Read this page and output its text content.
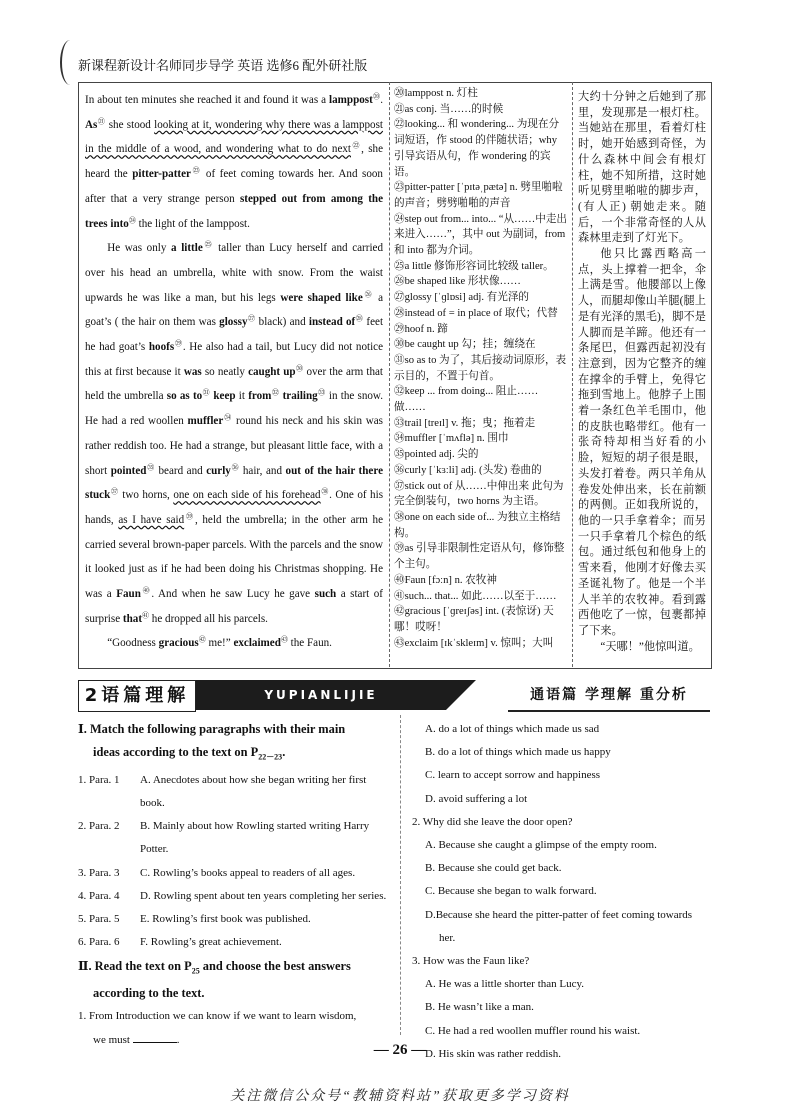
新课程新设计名师同步导学 英语 选修6 配外研社版

In about ten minutes she reached it and found it was a lamppost⑳. $As^㉑$ she stood looking at it, wondering why there was a lamppost in the middle of a wood, and wondering what to do next$^㉒$, she heard the pitter-patter$^㉓$ of feet coming towards her. And soon after that a very strange person stepped out from among the trees into$^㉔$ the light of the lamppost.

He was only a little$^㉕$ taller than Lucy herself and carried over his head an umbrella, white with snow. From the waist upwards he was like a man, but his legs were shaped like$^㉖$ a goat’s ( the hair on them was glossy$^㉗$ black) and instead $of^㉘$ feet he had goat’s hoofs$^㉙$. He also had a tail, but Lucy did not notice this at first because it was so neatly caught $up^㉚$ over the arm that held the umbrella so as $to^㉛$ keep it from$^㉜$ trailing$^㉝$ in the snow. He had a red woollen muffler$^㉞$ round his neck and his skin was rather reddish too. He had a strange, but pleasant little face, with a short pointed$^㉟$ beard and curly$^㊱$ hair, and out of the hair there stuck$^㊲$ two horns, one on each side of his forehead$^㊳$. One of his hands, as I have said$^㊴$, held the umbrella; in the other arm he carried several brown-paper parcels. With the parcels and the snow it looked just as if he had been doing his Christmas shopping. He was a Faun$^㊵$. And when he saw Lucy he gave such a start of surprise that$^㊶$ he dropped all his parcels.

“Goodness gracious$^㊷$ me!” exclaimed$^㊸$ the Faun.

⑳lamppost n. 灯柱
㉑as conj. 当……的时候
㉒looking... 和 wondering... 为现在分词短语，作 stood 的伴随状语；why 引导宾语从句，作 wondering 的宾语。
㉓pitter-patter [ˈpɪtəˌpætə] n. 劈里啪啦的声音；劈劈啪啪的声音
㉔step out from... into... “从……中走出来进入……”，其中 out 为副词，from 和 into 都为介词。
㉕a little 修饰形容词比较级 taller。
㉖be shaped like 形状像……
㉗glossy [ˈɡlɒsi] adj. 有光泽的
㉘instead of = in place of 取代；代替
㉙hoof n. 蹄
㉚be caught up 勾；挂；缠绕在
㉛so as to 为了，其后接动词原形，表示目的，不置于句首。
㉜keep ... from doing... 阻止……做……
㉝trail [treɪl] v. 拖；曳；拖着走
㉞muffler [ˈmʌflə] n. 围巾
㉟pointed adj. 尖的
㊱curly [ˈkɜːli] adj. (头发) 卷曲的
㊲stick out of 从……中伸出来 此句为完全倒装句，two horns 为主语。
㊳one on each side of... 为独立主格结构。
㊴as 引导非限制性定语从句，修饰整个主句。
㊵Faun [fɔːn] n. 农牧神
㊶such... that... 如此……以至于……
㊷gracious [ˈɡreɪʃəs] int. (表惊讶) 天哪！哎呀！
㊸exclaim [ɪkˈskleɪm] v. 惊叫；大叫

大约十分钟之后她到了那里，发现那是一根灯柱。当她站在那里，看着灯柱时，她开始感到奇怪，为什么森林中间会有根灯柱，她不知所措，这时她听见劈里啪啦的脚步声，(有人正) 朝她走来。随后，一个非常奇怪的人从森林里走到了灯光下。

他只比露西略高一点，头上撑着一把伞，伞上满是雪。他腰部以上像人，而腿却像山羊腿(腿上是有光泽的黑毛)，脚不是人脚而是羊蹄。他还有一条尾巴，但露西起初没有注意到，因为它整齐的缠在撑伞的手臂上，免得它拖到雪地上。他脖子上围着一条红色羊毛围巾，他的皮肤也略带红。他有一张奇特却相当好看的小脸，短短的胡子很是眼，头发打着卷。两只羊角从卷发处伸出来，长在前额的两侧。正如我所说的，他的一只手拿着伞；而另一只手拿着几个棕色的纸包。通过纸包和他身上的雪来看，他刚才好像去买圣诞礼物了。他是一个半人半羊的农牧神。看到露西他吃了一惊，包裹都掉了下来。

“天哪！”他惊叫道。

2语篇理解	YUPIANLIJIE	通语篇 学理解 重分析
Ⅰ. Match the following paragraphs with their main
ideas according to the text on $P_{22-23}$.
1. Para. 1	A. Anecdotes about how she began writing her first book.
2. Para. 2	B. Mainly about how Rowling started writing Harry Potter.
3. Para. 3	C. Rowling’s books appeal to readers of all ages.
4. Para. 4	D. Rowling spent about ten years completing her series.
5. Para. 5	E. Rowling’s first book was published.
6. Para. 6	F. Rowling’s great achievement.
Ⅱ. Read the text on $P_{25}$ and choose the best answers
according to the text.
1. From Introduction we can know if we want to learn wisdom,
we must	.
A. do a lot of things which made us sad
B. do a lot of things which made us happy
C. learn to accept sorrow and happiness
D. avoid suffering a lot
2. Why did she leave the door open?
A. Because she caught a glimpse of the empty room.
B. Because she could get back.
C. Because she began to walk forward.
D.Because she heard the pitter-patter of feet coming towards
her.
3. How was the Faun like?
A. He was a little shorter than Lucy.
B. He wasn’t like a man.
C. He had a red woollen muffler round his waist.
D. His skin was rather reddish.
— 26 —
关注微信公众号“教辅资料站”获取更多学习资料
